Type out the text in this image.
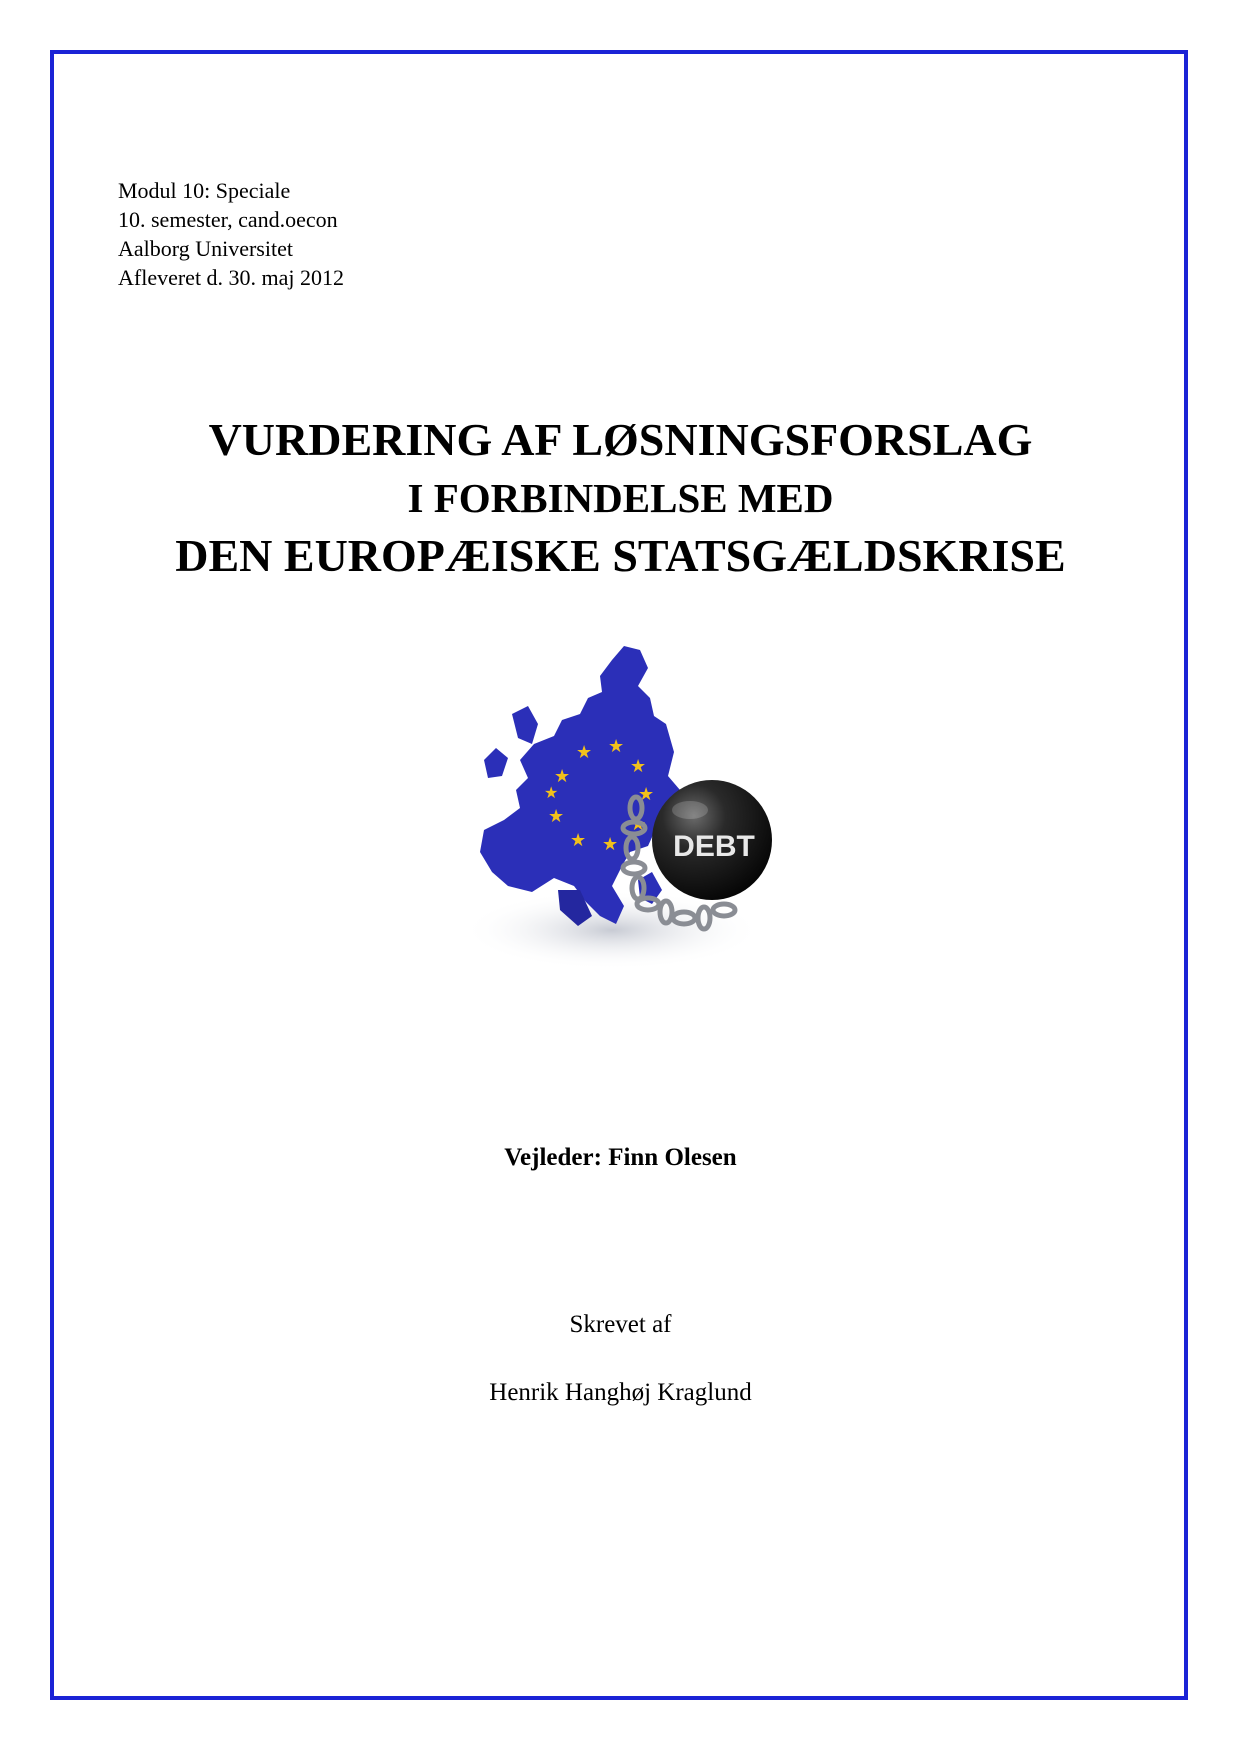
Modul 10: Speciale
10. semester, cand.oecon
Aalborg Universitet
Afleveret d. 30. maj 2012
VURDERING AF LØSNINGSFORSLAG
I FORBINDELSE MED
DEN EUROPÆISKE STATSGÆLDSKRISE
★
★ ★
★
★
★
★
★
★
★
DEBT
Vejleder: Finn Olesen
Skrevet af
Henrik Hanghøj Kraglund
